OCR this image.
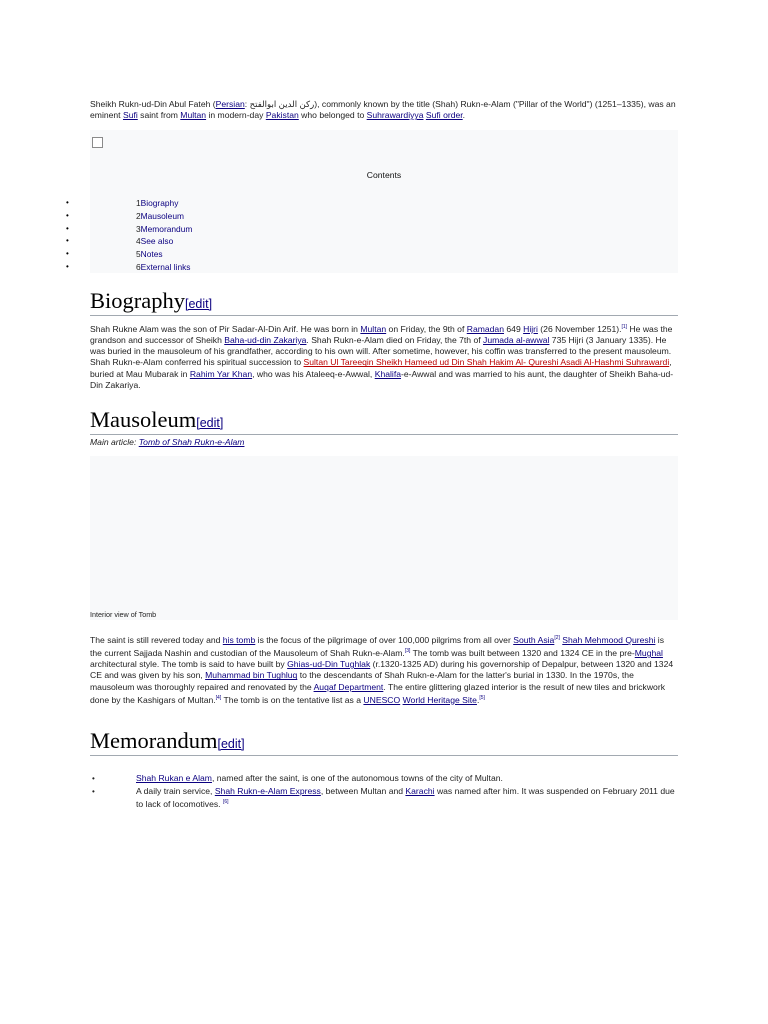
Sheikh Rukn-ud-Din Abul Fateh (Persian: رکن الدین ابوالفتح), commonly known by the title (Shah) Rukn-e-Alam ("Pillar of the World") (1251–1335), was an eminent Sufi saint from Multan in modern-day Pakistan who belonged to Suhrawardiyya Sufi order.

Contents
•	1Biography
•	2Mausoleum
•	3Memorandum
•	4See also
•	5Notes
•	6External links
Biography[edit]

Shah Rukne Alam was the son of Pir Sadar-Al-Din Arif. He was born in Multan on Friday, the 9th of Ramadan 649 Hijri (26 November 1251).[1] He was the grandson and successor of Sheikh Baha-ud-din Zakariya. Shah Rukn-e-Alam died on Friday, the 7th of Jumada al-awwal 735 Hijri (3 January 1335). He was buried in the mausoleum of his grandfather, according to his own will. After sometime, however, his coffin was transferred to the present mausoleum. Shah Rukn-e-Alam conferred his spiritual succession to Sultan Ul Tareeqin Sheikh Hameed ud Din Shah Hakim Al- Qureshi Asadi Al-Hashmi Suhrawardi, buried at Mau Mubarak in Rahim Yar Khan, who was his Ataleeq-e-Awwal, Khalifa-e-Awwal and was married to his aunt, the daughter of Sheikh Baha-ud-Din Zakariya.

Mausoleum[edit]
Main article: Tomb of Shah Rukn-e-Alam
Interior view of Tomb

The saint is still revered today and his tomb is the focus of the pilgrimage of over 100,000 pilgrims from all over South Asia[2] Shah Mehmood Qureshi is the current Sajjada Nashin and custodian of the Mausoleum of Shah Rukn-e-Alam.[3] The tomb was built between 1320 and 1324 CE in the pre-Mughal architectural style. The tomb is said to have built by Ghias-ud-Din Tughlak (r.1320-1325 AD) during his governorship of Depalpur, between 1320 and 1324 CE and was given by his son, Muhammad bin Tughluq to the descendants of Shah Rukn-e-Alam for the latter's burial in 1330. In the 1970s, the mausoleum was thoroughly repaired and renovated by the Auqaf Department. The entire glittering glazed interior is the result of new tiles and brickwork done by the Kashigars of Multan.[4] The tomb is on the tentative list as a UNESCO World Heritage Site.[5]

Memorandum[edit]
•	Shah Rukan e Alam, named after the saint, is one of the autonomous towns of the city of Multan.
•	A daily train service, Shah Rukn-e-Alam Express, between Multan and Karachi was named after him. It was suspended on February 2011 due to lack of locomotives. [6]
